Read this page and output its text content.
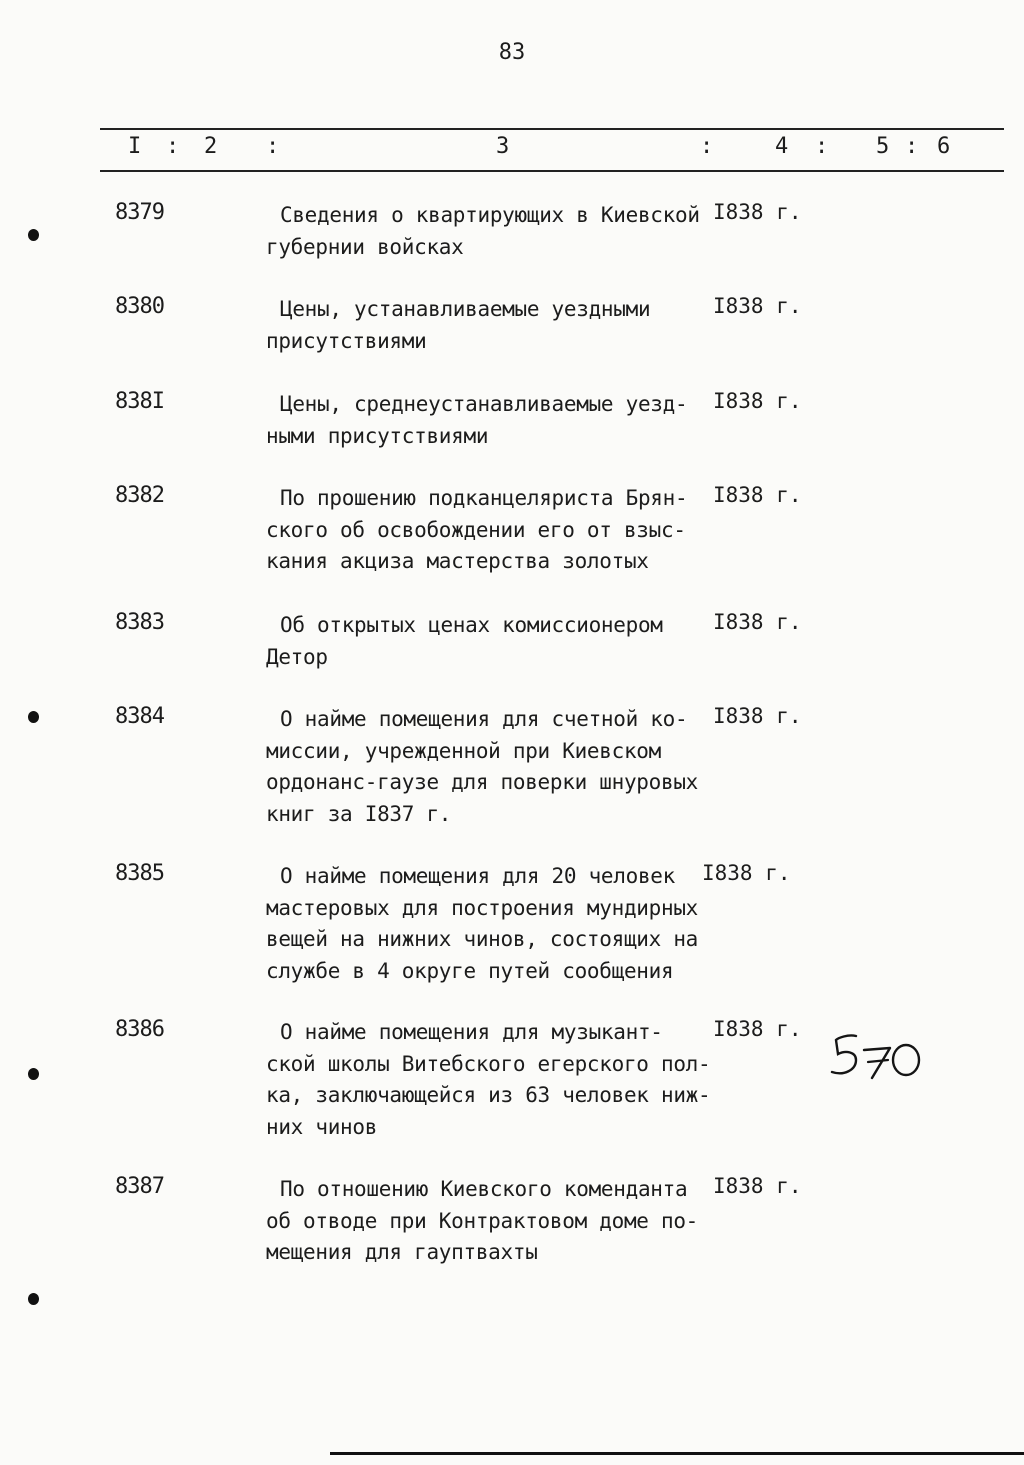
83
I : 2 :	3	:	4 : 5 : 6
8379	Сведения о квартирующих в Киевской
губернии войсках
I838 г.
8380	Цены, устанавливаемые уездными
присутствиями
I838 г.
838I	Цены, среднеустанавливаемые уезд-
ными присутствиями
I838 г.
8382	По прошению подканцеляриста Брян-
ского об освобождении его от взыс-
кания акциза мастерства золотых
I838 г.
8383	Об открытых ценах комиссионером
Детор
I838 г.
8384	О найме помещения для счетной ко-
миссии, учрежденной при Киевском
ордонанс-гаузе для поверки шнуровых
книг за I837 г.
I838 г.
8385	О найме помещения для 20 человек
мастеровых для построения мундирных
вещей на нижних чинов, состоящих на
службе в 4 округе путей сообщения
I838 г.
8386	О найме помещения для музыкант-
ской школы Витебского егерского пол-
ка, заключающейся из 63 человек ниж-
них чинов
I838 г.
8387	По отношению Киевского коменданта
об отводе при Контрактовом доме по-
мещения для гауптвахты
I838 г.
